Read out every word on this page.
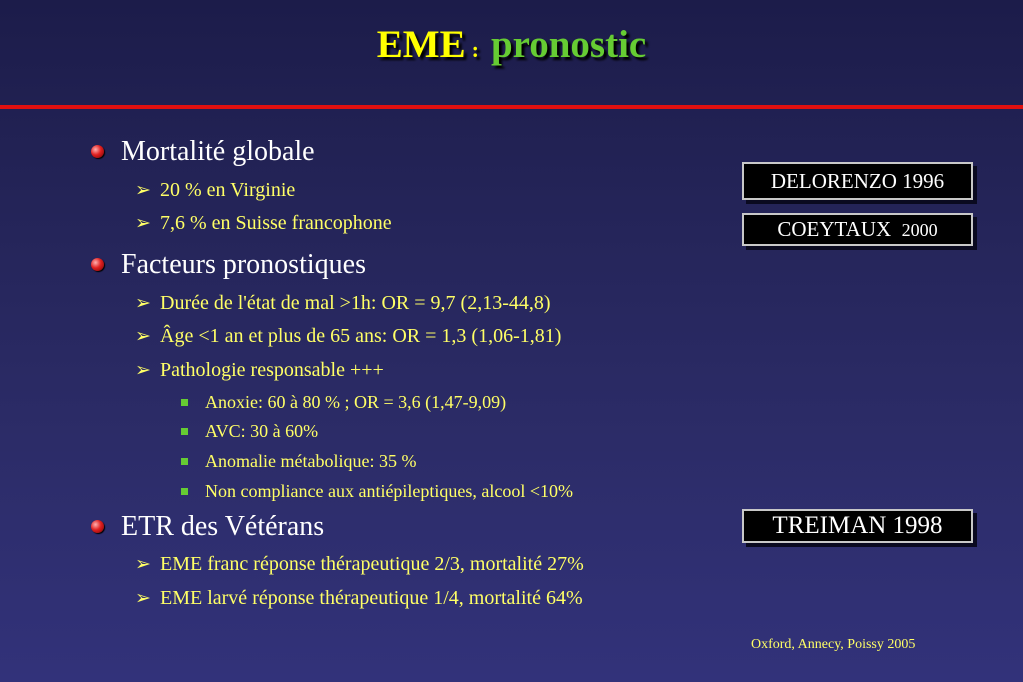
EME : pronostic
Mortalité globale
➢ 20 % en Virginie
➢ 7,6 % en Suisse francophone
Facteurs pronostiques
➢ Durée de l'état de mal >1h: OR = 9,7 (2,13-44,8)
➢ Âge <1 an et plus de 65 ans: OR = 1,3 (1,06-1,81)
➢ Pathologie responsable +++
Anoxie: 60 à 80 % ; OR = 3,6 (1,47-9,09)
AVC: 30 à 60%
Anomalie métabolique: 35 %
Non compliance aux antiépileptiques, alcool <10%
ETR des Vétérans
➢ EME franc réponse thérapeutique 2/3, mortalité 27%
➢ EME larvé réponse thérapeutique 1/4, mortalité 64%
DELORENZO 1996
COEYTAUX 2000
TREIMAN 1998
Oxford, Annecy, Poissy 2005
